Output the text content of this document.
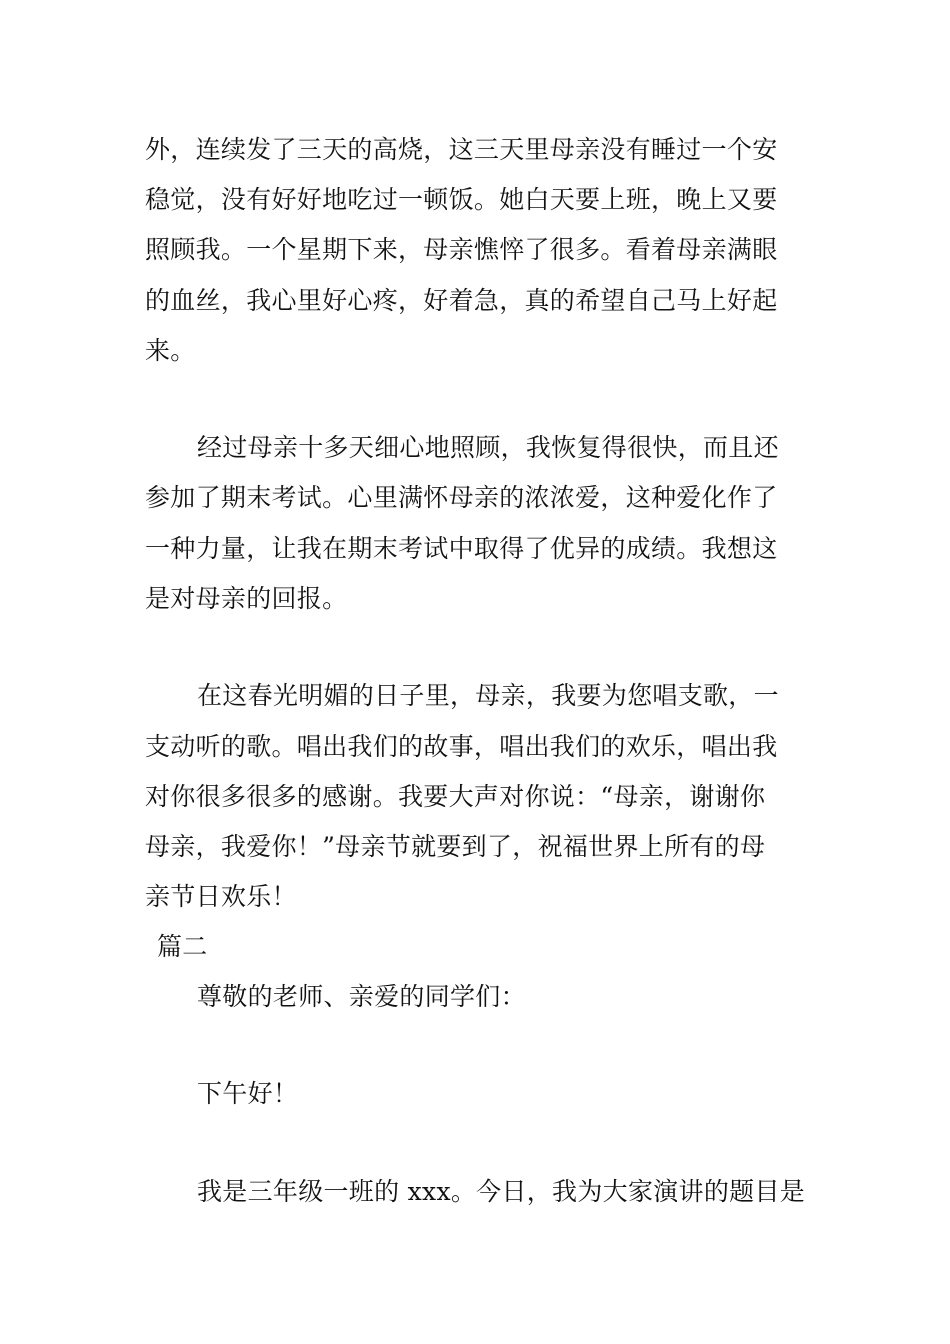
外，连续发了三天的高烧，这三天里母亲没有睡过一个安
稳觉，没有好好地吃过一顿饭。她白天要上班，晚上又要
照顾我。一个星期下来，母亲憔悴了很多。看着母亲满眼
的血丝，我心里好心疼，好着急，真的希望自己马上好起
来。
经过母亲十多天细心地照顾，我恢复得很快，而且还
参加了期末考试。心里满怀母亲的浓浓爱，这种爱化作了
一种力量，让我在期末考试中取得了优异的成绩。我想这
是对母亲的回报。
在这春光明媚的日子里，母亲，我要为您唱支歌，一
支动听的歌。唱出我们的故事，唱出我们的欢乐，唱出我
对你很多很多的感谢。我要大声对你说：“母亲，谢谢你
母亲，我爱你！”母亲节就要到了，祝福世界上所有的母
亲节日欢乐！
篇二
尊敬的老师、亲爱的同学们：
下午好！
我是三年级一班的 xxx。今日，我为大家演讲的题目是
